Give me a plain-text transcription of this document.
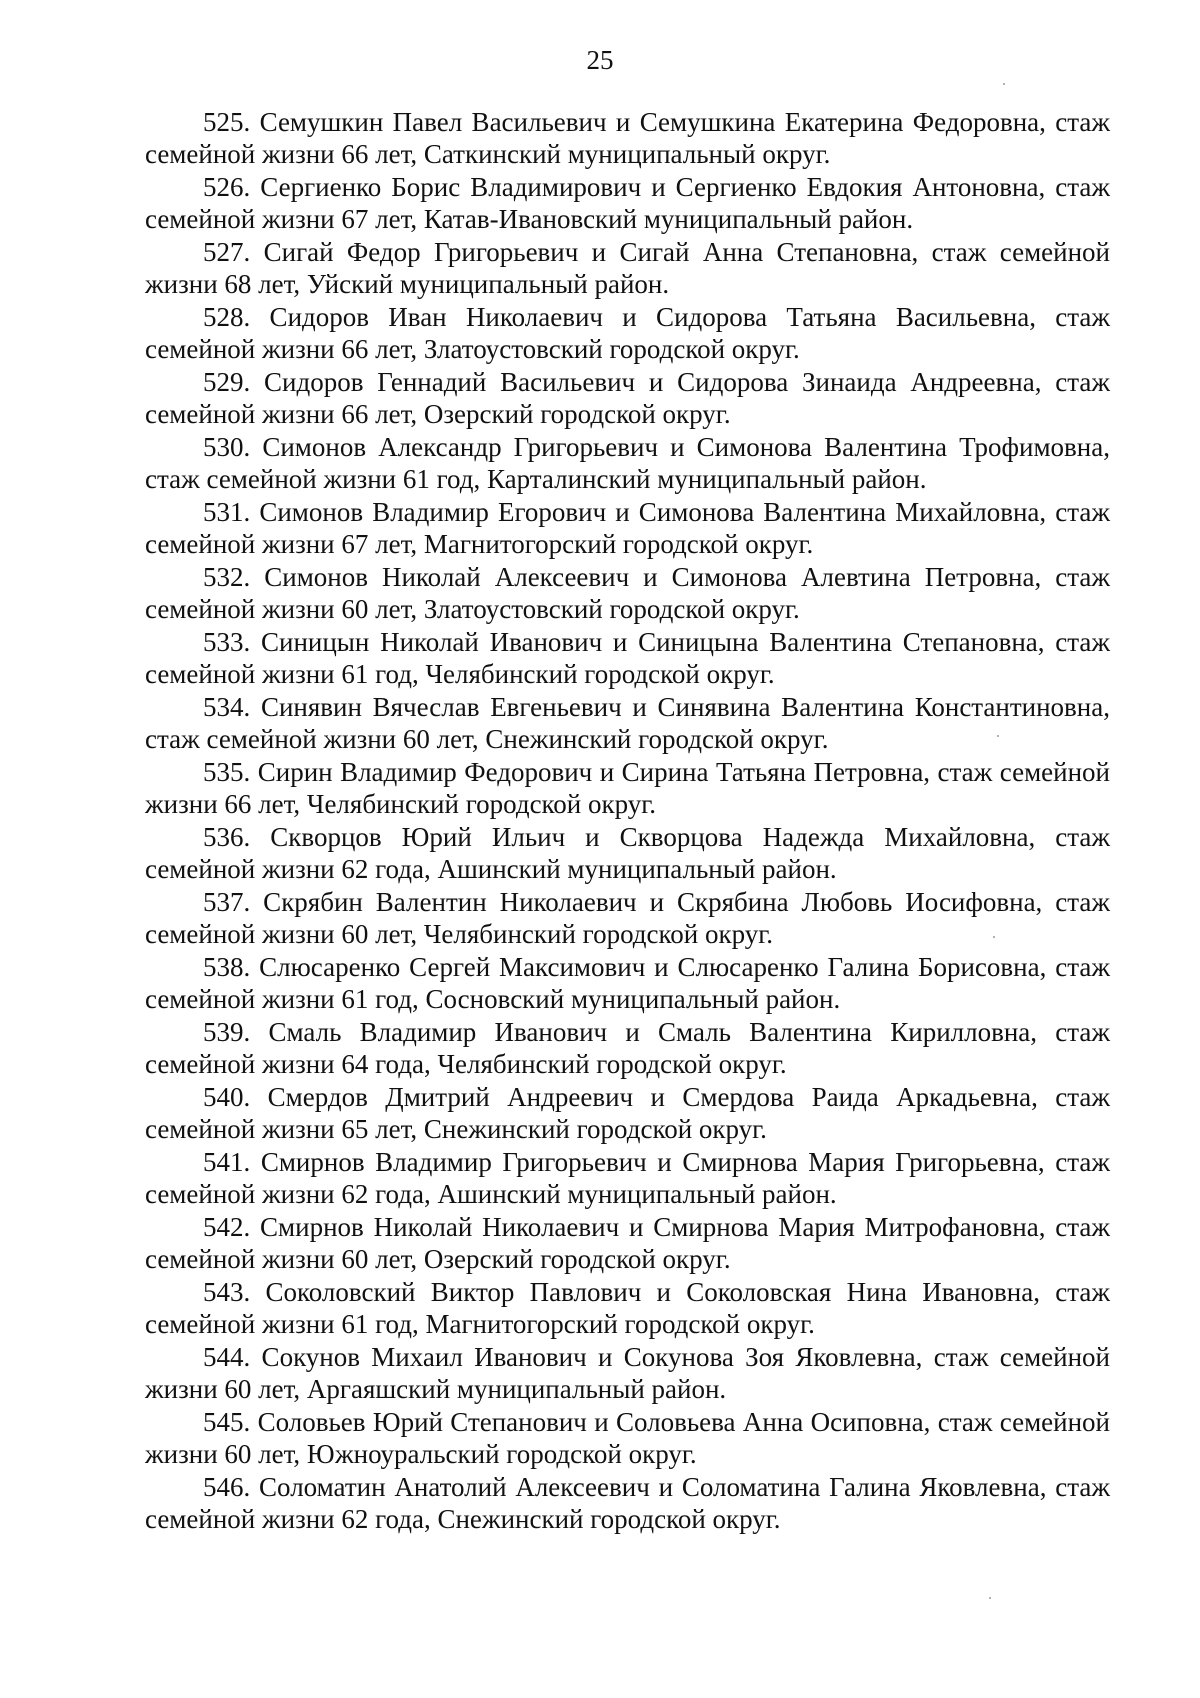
25

525. Семушкин Павел Васильевич и Семушкина Екатерина Федоровна, стаж семейной жизни 66 лет, Саткинский муниципальный округ.

526. Сергиенко Борис Владимирович и Сергиенко Евдокия Антоновна, стаж семейной жизни 67 лет, Катав-Ивановский муниципальный район.

527. Сигай Федор Григорьевич и Сигай Анна Степановна, стаж семейной жизни 68 лет, Уйский муниципальный район.

528. Сидоров Иван Николаевич и Сидорова Татьяна Васильевна, стаж семейной жизни 66 лет, Златоустовский городской округ.

529. Сидоров Геннадий Васильевич и Сидорова Зинаида Андреевна, стаж семейной жизни 66 лет, Озерский городской округ.

530. Симонов Александр Григорьевич и Симонова Валентина Трофимовна, стаж семейной жизни 61 год, Карталинский муниципальный район.

531. Симонов Владимир Егорович и Симонова Валентина Михайловна, стаж семейной жизни 67 лет, Магнитогорский городской округ.

532. Симонов Николай Алексеевич и Симонова Алевтина Петровна, стаж семейной жизни 60 лет, Златоустовский городской округ.

533. Синицын Николай Иванович и Синицына Валентина Степановна, стаж семейной жизни 61 год, Челябинский городской округ.

534. Синявин Вячеслав Евгеньевич и Синявина Валентина Константиновна, стаж семейной жизни 60 лет, Снежинский городской округ.

535. Сирин Владимир Федорович и Сирина Татьяна Петровна, стаж семейной жизни 66 лет, Челябинский городской округ.

536. Скворцов Юрий Ильич и Скворцова Надежда Михайловна, стаж семейной жизни 62 года, Ашинский муниципальный район.

537. Скрябин Валентин Николаевич и Скрябина Любовь Иосифовна, стаж семейной жизни 60 лет, Челябинский городской округ.

538. Слюсаренко Сергей Максимович и Слюсаренко Галина Борисовна, стаж семейной жизни 61 год, Сосновский муниципальный район.

539. Смаль Владимир Иванович и Смаль Валентина Кирилловна, стаж семейной жизни 64 года, Челябинский городской округ.

540. Смердов Дмитрий Андреевич и Смердова Раида Аркадьевна, стаж семейной жизни 65 лет, Снежинский городской округ.

541. Смирнов Владимир Григорьевич и Смирнова Мария Григорьевна, стаж семейной жизни 62 года, Ашинский муниципальный район.

542. Смирнов Николай Николаевич и Смирнова Мария Митрофановна, стаж семейной жизни 60 лет, Озерский городской округ.

543. Соколовский Виктор Павлович и Соколовская Нина Ивановна, стаж семейной жизни 61 год, Магнитогорский городской округ.

544. Сокунов Михаил Иванович и Сокунова Зоя Яковлевна, стаж семейной жизни 60 лет, Аргаяшский муниципальный район.

545. Соловьев Юрий Степанович и Соловьева Анна Осиповна, стаж семейной жизни 60 лет, Южноуральский городской округ.

546. Соломатин Анатолий Алексеевич и Соломатина Галина Яковлевна, стаж семейной жизни 62 года, Снежинский городской округ.
